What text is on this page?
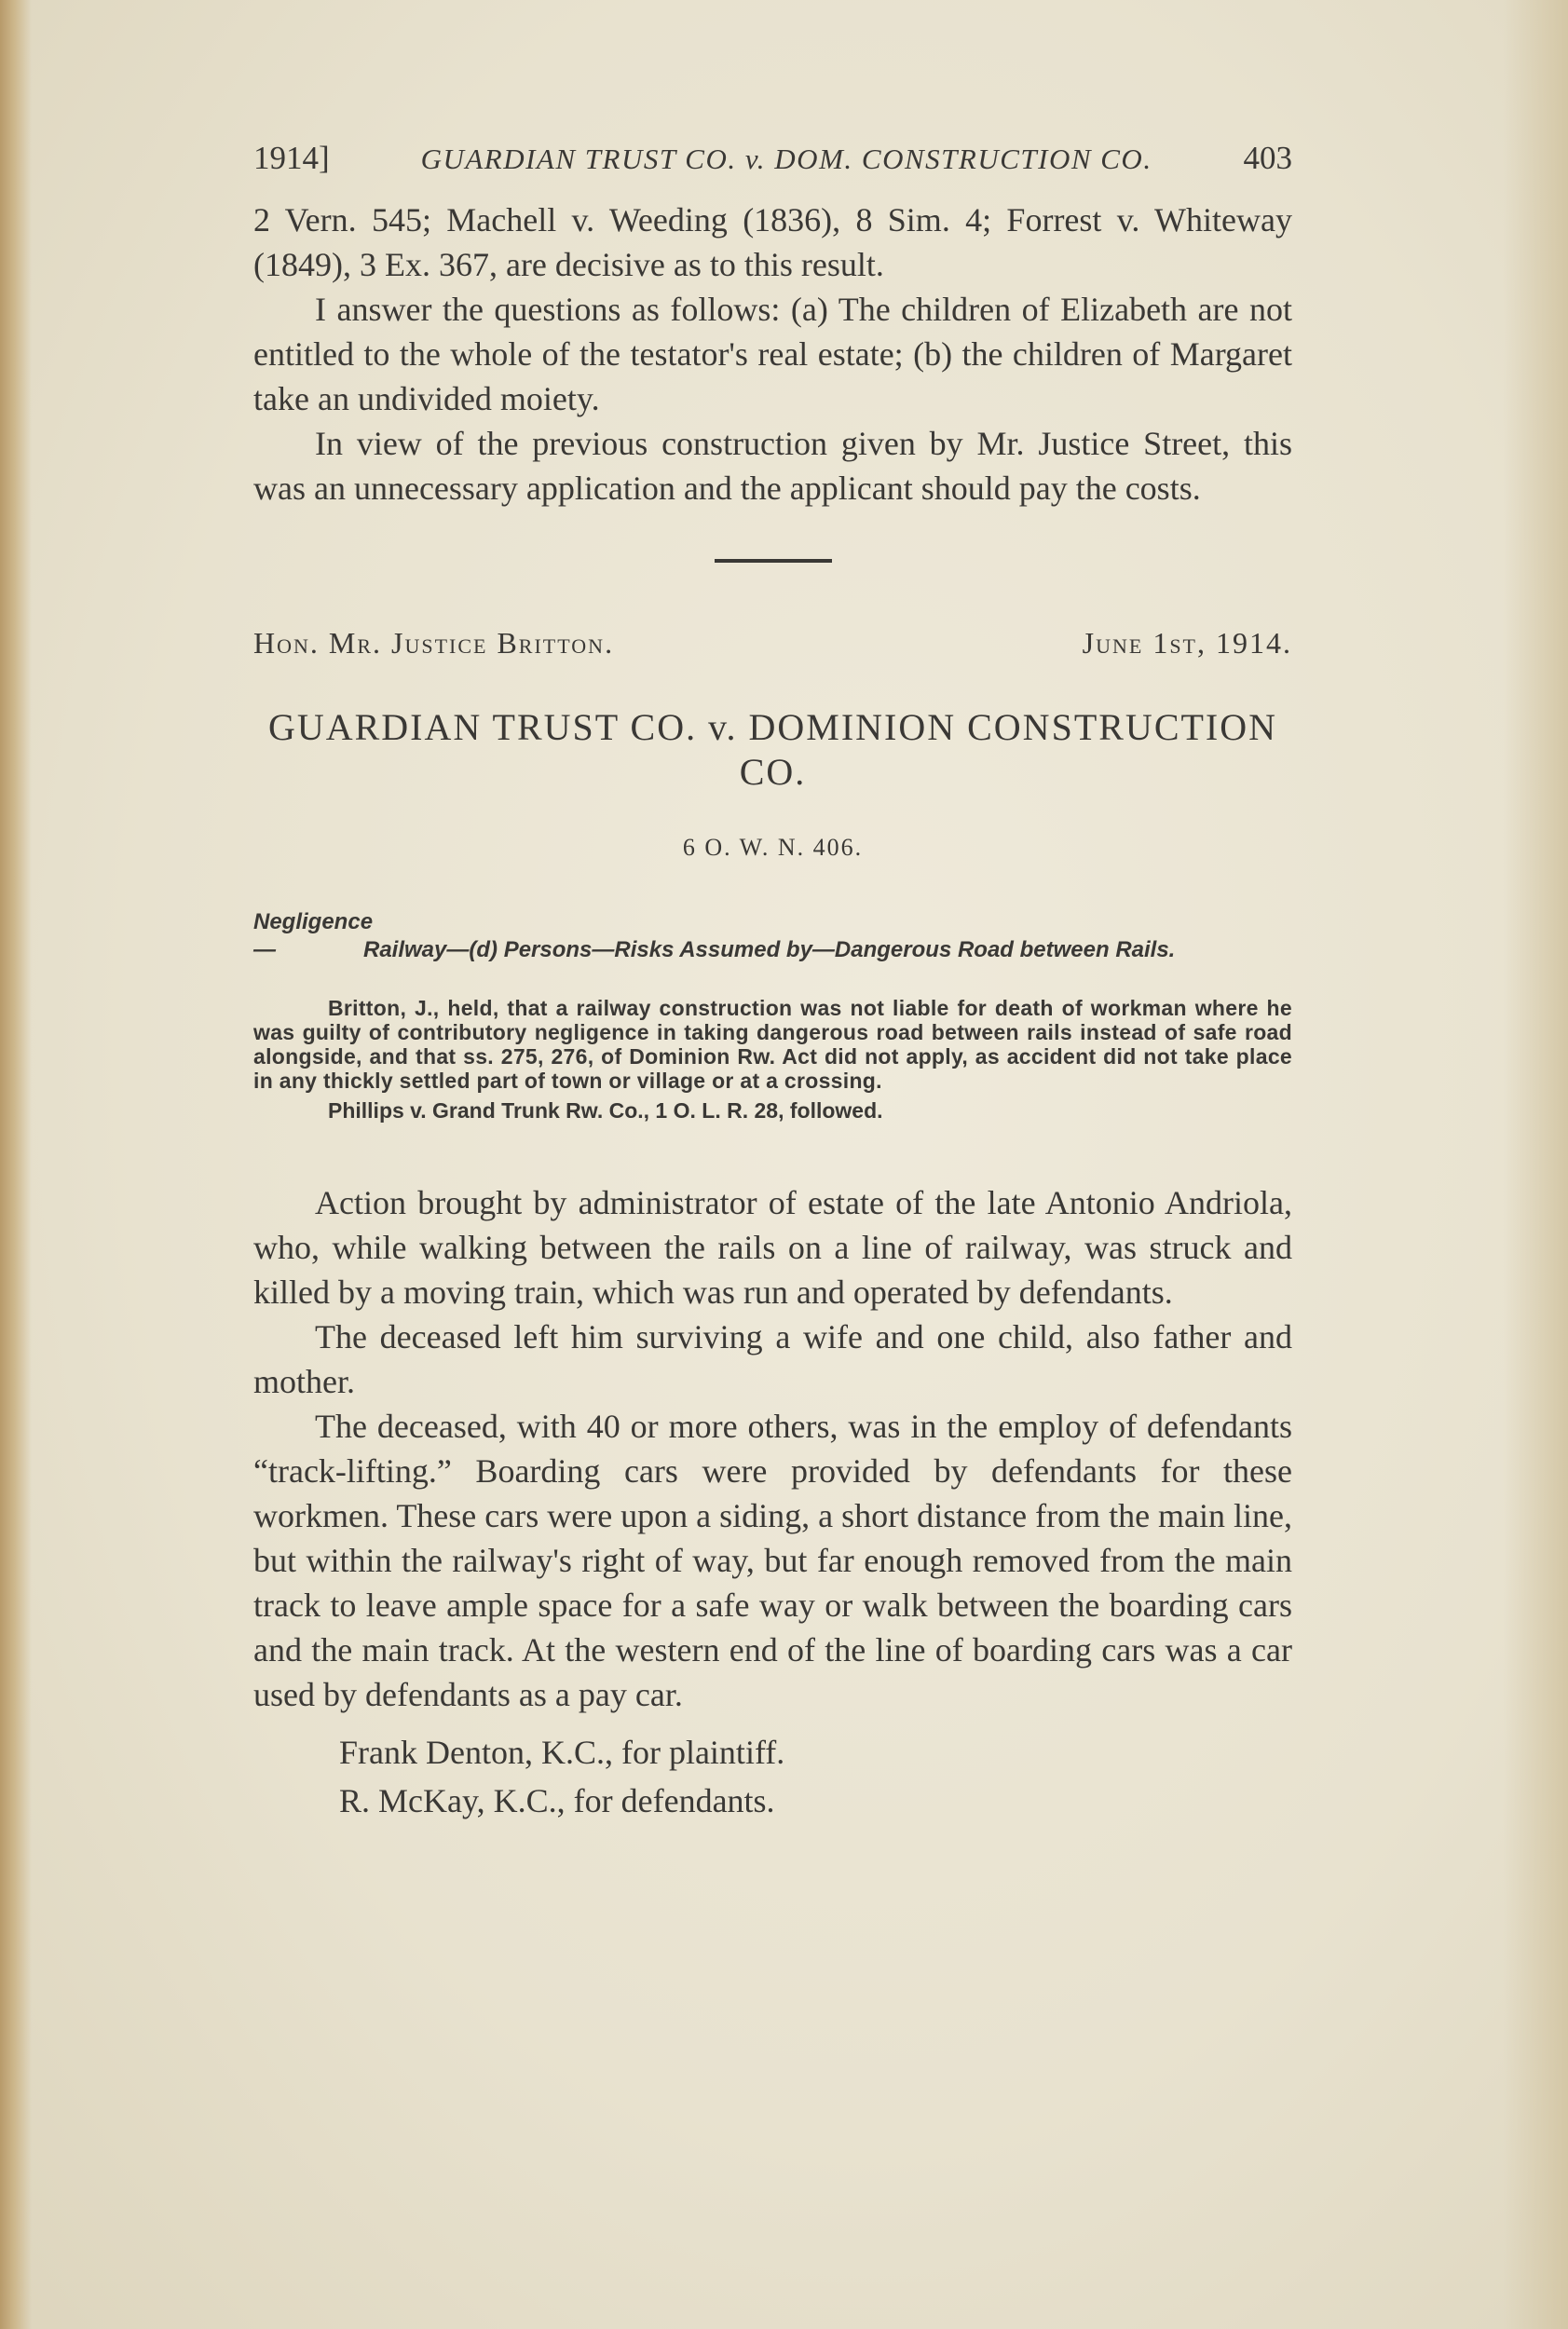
1914]	GUARDIAN TRUST CO. v. DOM. CONSTRUCTION CO.	403

2 Vern. 545; Machell v. Weeding (1836), 8 Sim. 4; Forrest v. Whiteway (1849), 3 Ex. 367, are decisive as to this result.

I answer the questions as follows: (a) The children of Elizabeth are not entitled to the whole of the testator's real estate; (b) the children of Margaret take an undivided moiety.

In view of the previous construction given by Mr. Justice Street, this was an unnecessary application and the applicant should pay the costs.

Hon. Mr. Justice Britton.	June 1st, 1914.

GUARDIAN TRUST CO. v. DOMINION CONSTRUCTION CO.

6 O. W. N. 406.

Negligence—	Railway—(d) Persons—Risks Assumed by—Dangerous Road between Rails.

Britton, J., held, that a railway construction was not liable for death of workman where he was guilty of contributory negligence in taking dangerous road between rails instead of safe road alongside, and that ss. 275, 276, of Dominion Rw. Act did not apply, as accident did not take place in any thickly settled part of town or village or at a crossing.

Phillips v. Grand Trunk Rw. Co., 1 O. L. R. 28, followed.

Action brought by administrator of estate of the late Antonio Andriola, who, while walking between the rails on a line of railway, was struck and killed by a moving train, which was run and operated by defendants.

The deceased left him surviving a wife and one child, also father and mother.

The deceased, with 40 or more others, was in the employ of defendants “track-lifting.” Boarding cars were provided by defendants for these workmen. These cars were upon a siding, a short distance from the main line, but within the railway's right of way, but far enough removed from the main track to leave ample space for a safe way or walk between the boarding cars and the main track. At the western end of the line of boarding cars was a car used by defendants as a pay car.

Frank Denton, K.C., for plaintiff.

R. McKay, K.C., for defendants.
